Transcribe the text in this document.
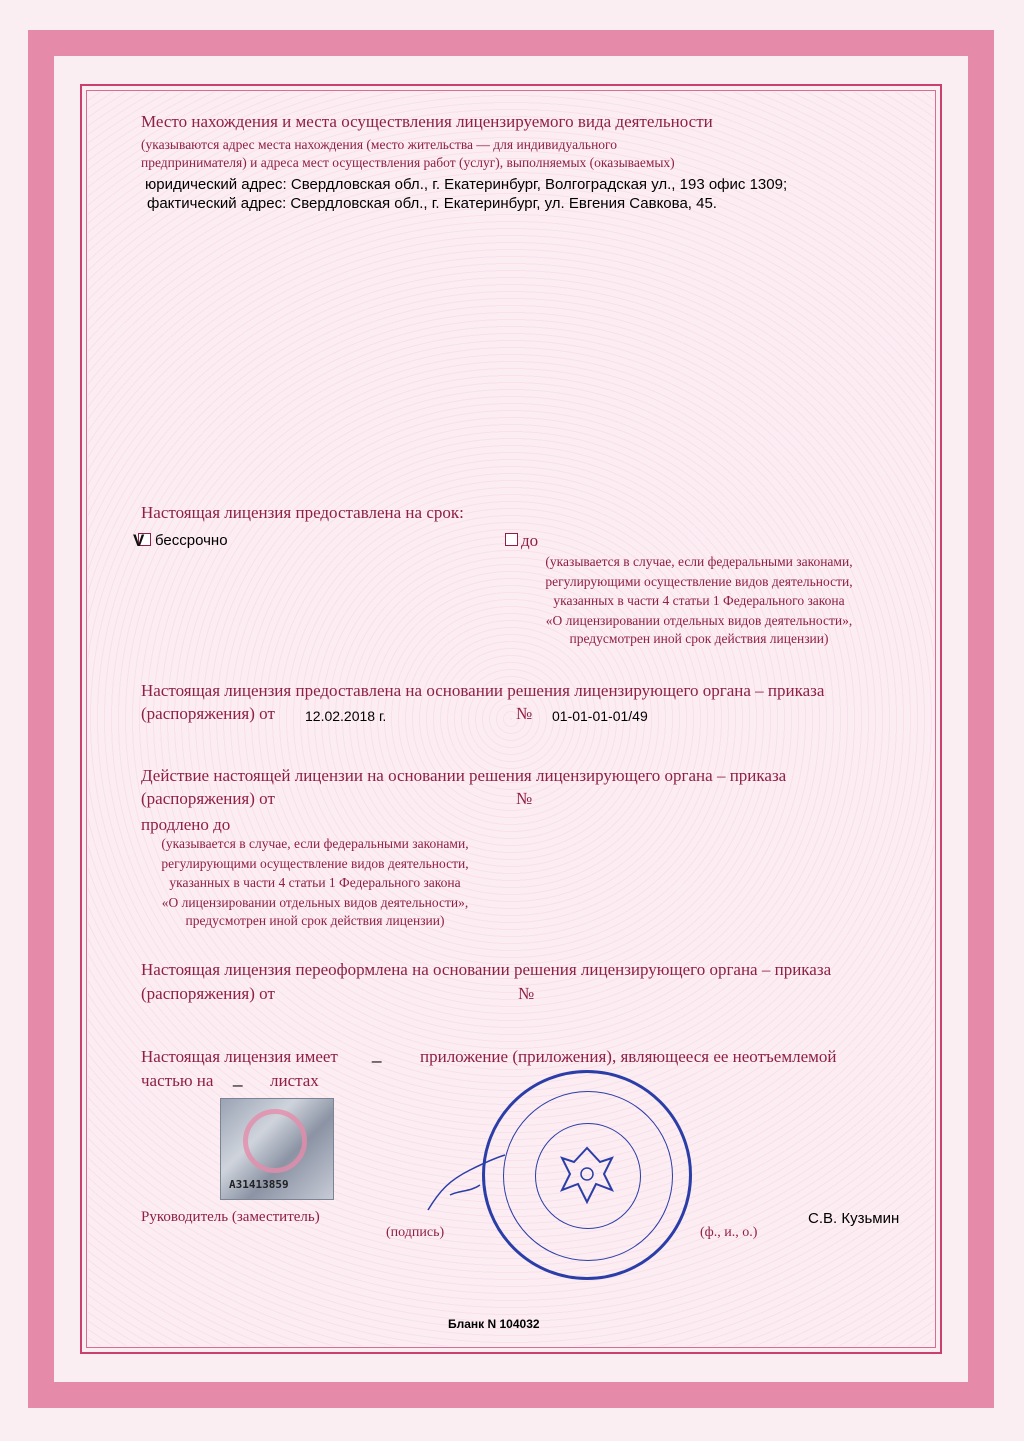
Место нахождения и места осуществления лицензируемого вида деятельности
(указываются адрес места нахождения (место жительства — для индивидуального
предпринимателя) и адреса мест осуществления работ (услуг), выполняемых (оказываемых)
юридический адрес: Свердловская обл., г. Екатеринбург, Волгоградская ул., 193 офис 1309;
фактический адрес: Свердловская обл., г. Екатеринбург, ул. Евгения Савкова, 45.
Настоящая лицензия предоставлена на срок:
V бессрочно	до
(указывается в случае, если федеральными законами,
регулирующими осуществление видов деятельности,
указанных в части 4 статьи 1 Федерального закона
«О лицензировании отдельных видов деятельности»,
предусмотрен иной срок действия лицензии)
Настоящая лицензия предоставлена на основании решения лицензирующего органа – приказа
(распоряжения) от 12.02.2018 г.	№ 01-01-01-01/49
Действие настоящей лицензии на основании решения лицензирующего органа – приказа
(распоряжения) от	№
продлено до
(указывается в случае, если федеральными законами,
регулирующими осуществление видов деятельности,
указанных в части 4 статьи 1 Федерального закона
«О лицензировании отдельных видов деятельности»,
предусмотрен иной срок действия лицензии)
Настоящая лицензия переоформлена на основании решения лицензирующего органа – приказа
(распоряжения) от	№
Настоящая лицензия имеет _ приложение (приложения), являющееся ее неотъемлемой
частью на _ листах
A31413859
Руководитель (заместитель)
(подпись)	(ф., и., о.)
С.В. Кузьмин
Бланк N 104032
